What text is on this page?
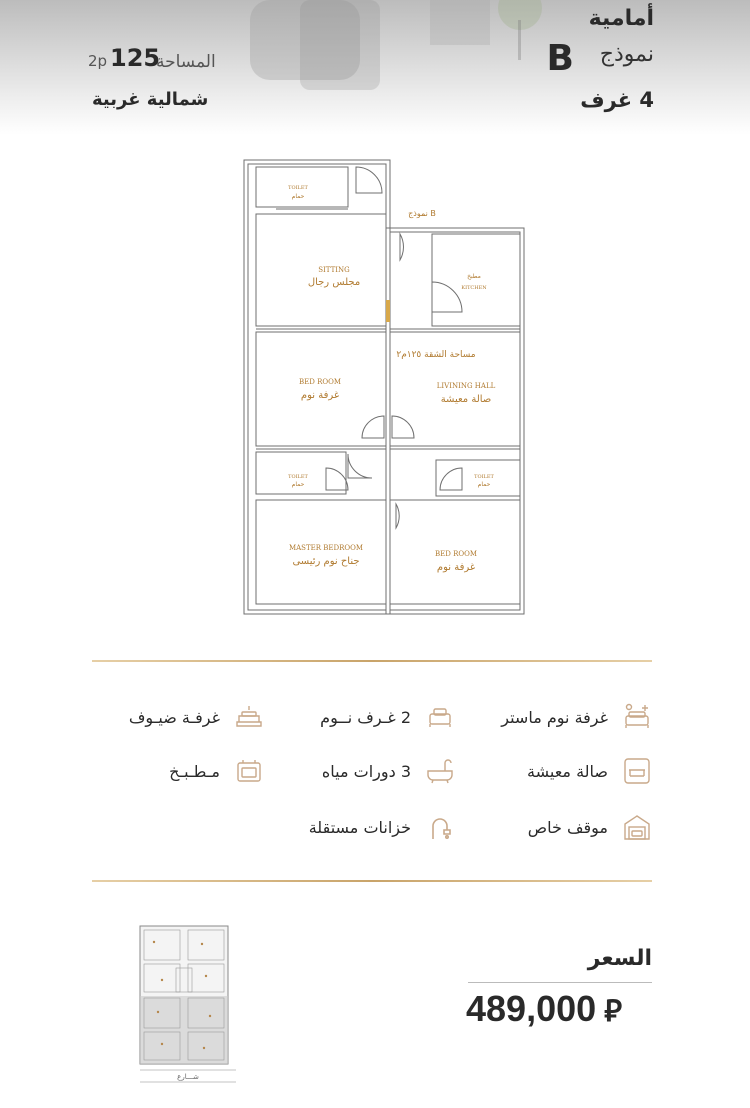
أمامية
B نموذج
4 غرف
المساحة
125
2p
شمالية غربية
TOILET
حمام
نموذج B
SITTING
مجلس رجال
مطبخ
KITCHEN
مساحة الشقة ١٢٥م٢
BED ROOM
غرفة نوم
LIVINING HALL
صالة معيشة
TOILET
حمام
TOILET
حمام
MASTER BEDROOM
جناح نوم رئيسى
BED ROOM
غرفة نوم
غرفة نوم ماستر
2 غـرف نــوم
غرفـة ضيـوف
صالة معيشة
3 دورات مياه
مـطـبـخ
موقف خاص
خزانات مستقلة
شـــارع
السعر
489,000 ⃁
